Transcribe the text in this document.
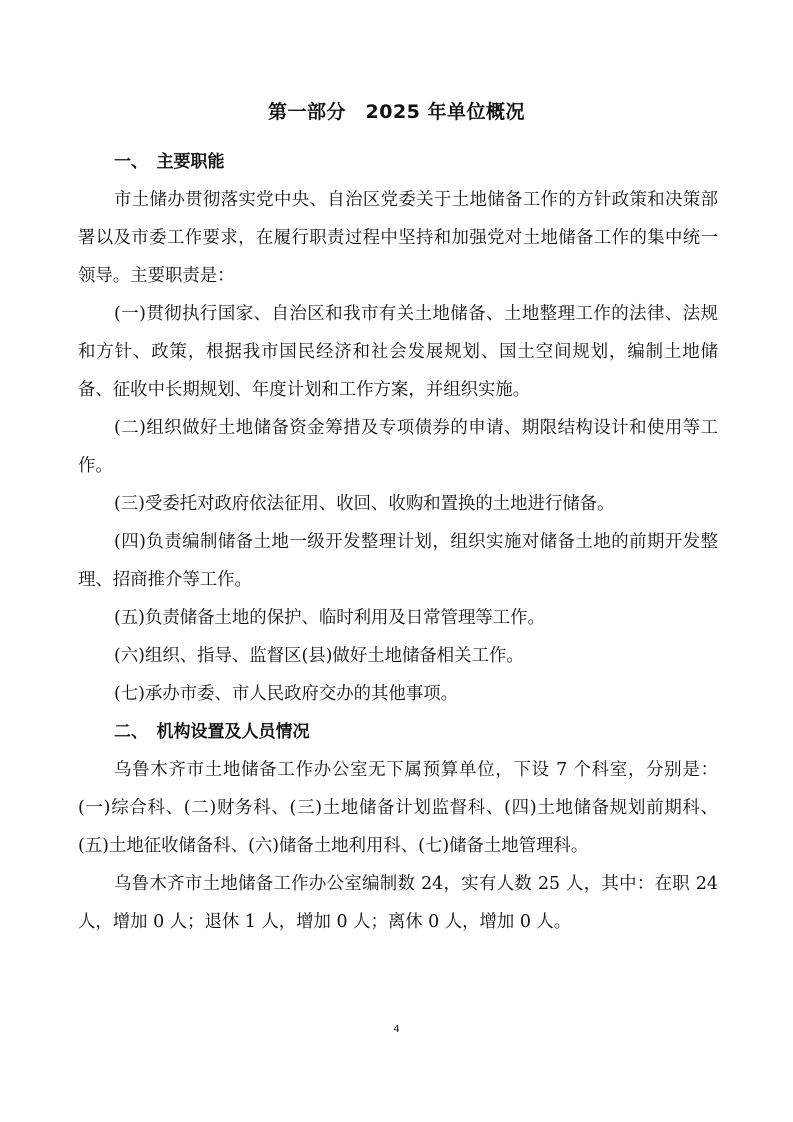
第一部分　2025 年单位概况

一、　主要职能

市土储办贯彻落实党中央、自治区党委关于土地储备工作的方针政策和决策部署以及市委工作要求，在履行职责过程中坚持和加强党对土地储备工作的集中统一领导。主要职责是：

(一)贯彻执行国家、自治区和我市有关土地储备、土地整理工作的法律、法规和方针、政策，根据我市国民经济和社会发展规划、国土空间规划，编制土地储备、征收中长期规划、年度计划和工作方案，并组织实施。

(二)组织做好土地储备资金筹措及专项债券的申请、期限结构设计和使用等工作。

(三)受委托对政府依法征用、收回、收购和置换的土地进行储备。

(四)负责编制储备土地一级开发整理计划，组织实施对储备土地的前期开发整理、招商推介等工作。

(五)负责储备土地的保护、临时利用及日常管理等工作。

(六)组织、指导、监督区(县)做好土地储备相关工作。

(七)承办市委、市人民政府交办的其他事项。

二、　机构设置及人员情况

乌鲁木齐市土地储备工作办公室无下属预算单位，下设 7 个科室，分别是：(一)综合科、(二)财务科、(三)土地储备计划监督科、(四)土地储备规划前期科、(五)土地征收储备科、(六)储备土地利用科、(七)储备土地管理科。

乌鲁木齐市土地储备工作办公室编制数 24，实有人数 25 人，其中：在职 24 人，增加 0 人；退休 1 人，增加 0 人；离休 0 人，增加 0 人。

4
